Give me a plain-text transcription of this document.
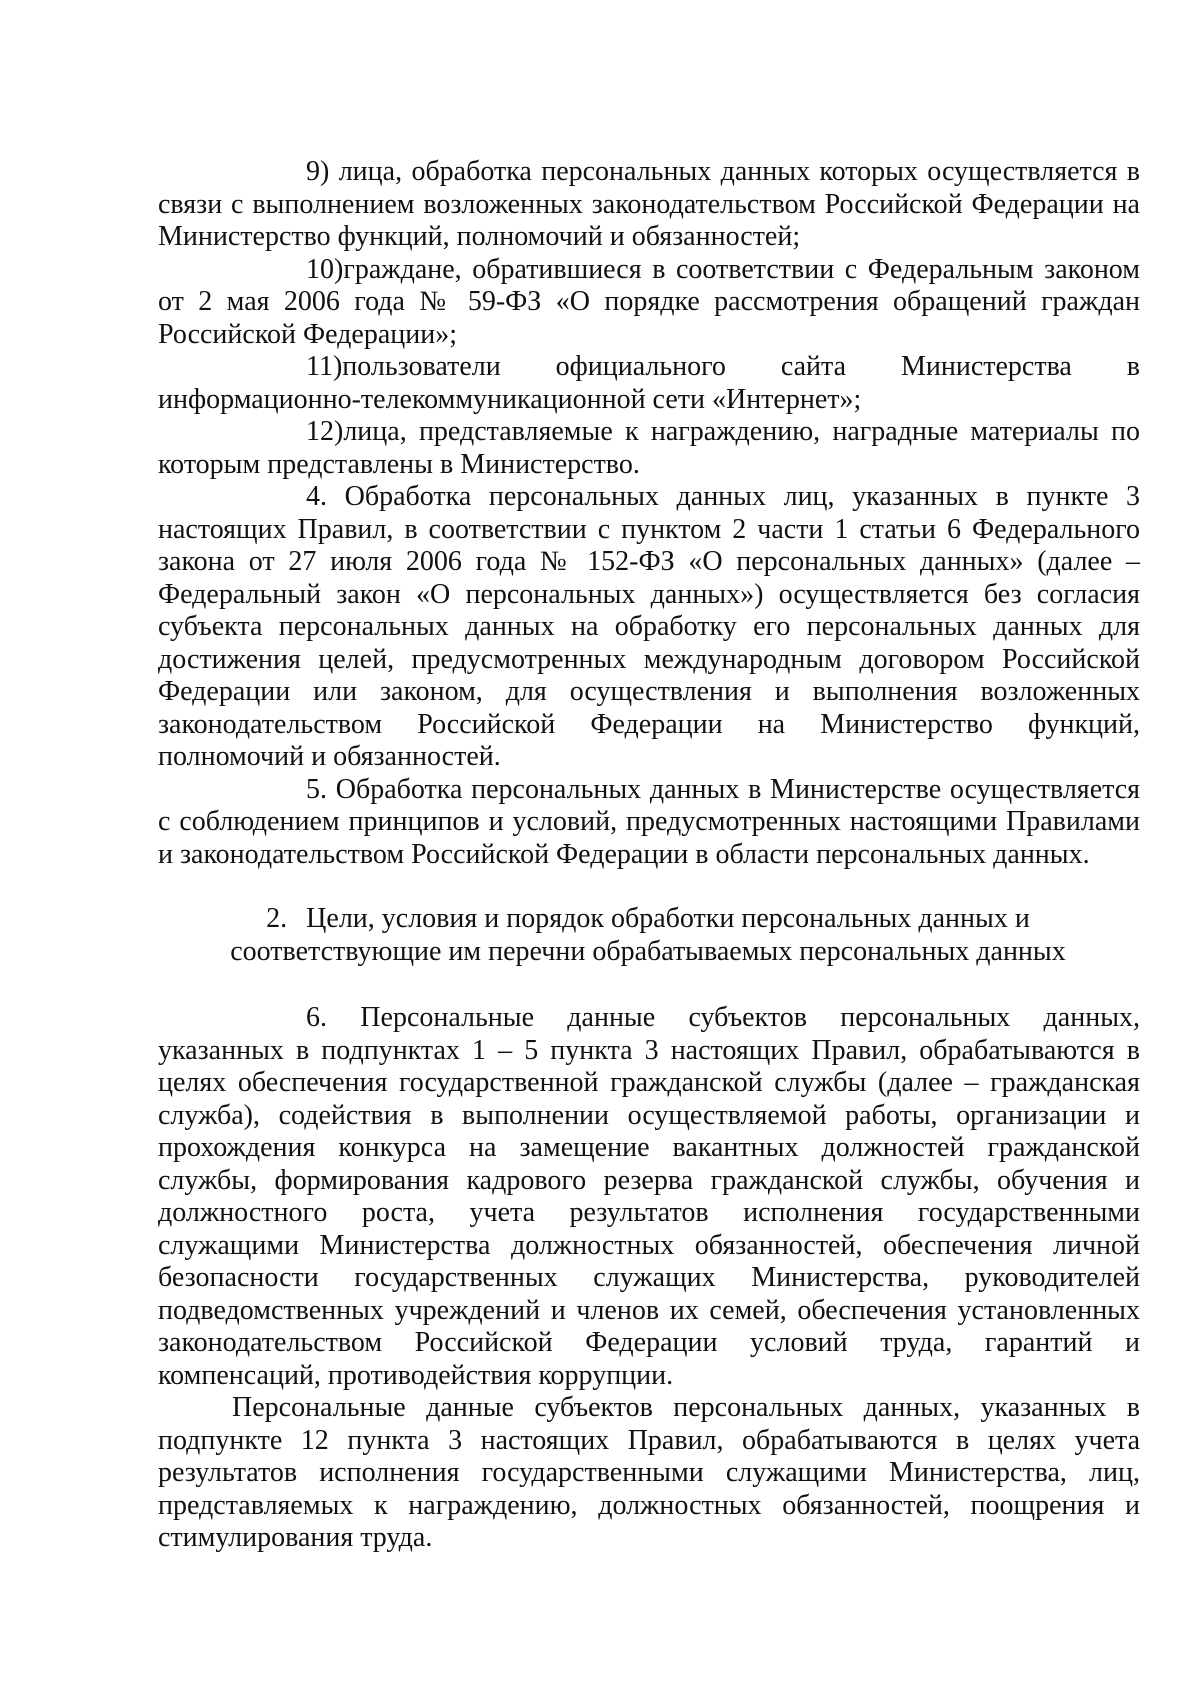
9) лица, обработка персональных данных которых осуществляется в связи с выполнением возложенных законодательством Российской Федерации на Министерство функций, полномочий и обязанностей;

10)граждане, обратившиеся в соответствии с Федеральным законом от 2 мая 2006 года № 59-ФЗ «О порядке рассмотрения обращений граждан Российской Федерации»;

11)пользователи официального сайта Министерства в информационно-телекоммуникационной сети «Интернет»;

12)лица, представляемые к награждению, наградные материалы по которым представлены в Министерство.

4. Обработка персональных данных лиц, указанных в пункте 3 настоящих Правил, в соответствии с пунктом 2 части 1 статьи 6 Федерального закона от 27 июля 2006 года № 152-ФЗ «О персональных данных» (далее – Федеральный закон «О персональных данных») осуществляется без согласия субъекта персональных данных на обработку его персональных данных для достижения целей, предусмотренных международным договором Российской Федерации или законом, для осуществления и выполнения возложенных законодательством Российской Федерации на Министерство функций, полномочий и обязанностей.

5. Обработка персональных данных в Министерстве осуществляется с соблюдением принципов и условий, предусмотренных настоящими Правилами и законодательством Российской Федерации в области персональных данных.

2. Цели, условия и порядок обработки персональных данных и соответствующие им перечни обрабатываемых персональных данных

6. Персональные данные субъектов персональных данных, указанных в подпунктах 1 – 5 пункта 3 настоящих Правил, обрабатываются в целях обеспечения государственной гражданской службы (далее – гражданская служба), содействия в выполнении осуществляемой работы, организации и прохождения конкурса на замещение вакантных должностей гражданской службы, формирования кадрового резерва гражданской службы, обучения и должностного роста, учета результатов исполнения государственными служащими Министерства должностных обязанностей, обеспечения личной безопасности государственных служащих Министерства, руководителей подведомственных учреждений и членов их семей, обеспечения установленных законодательством Российской Федерации условий труда, гарантий и компенсаций, противодействия коррупции.

Персональные данные субъектов персональных данных, указанных в подпункте 12 пункта 3 настоящих Правил, обрабатываются в целях учета результатов исполнения государственными служащими Министерства, лиц, представляемых к награждению, должностных обязанностей, поощрения и стимулирования труда.
